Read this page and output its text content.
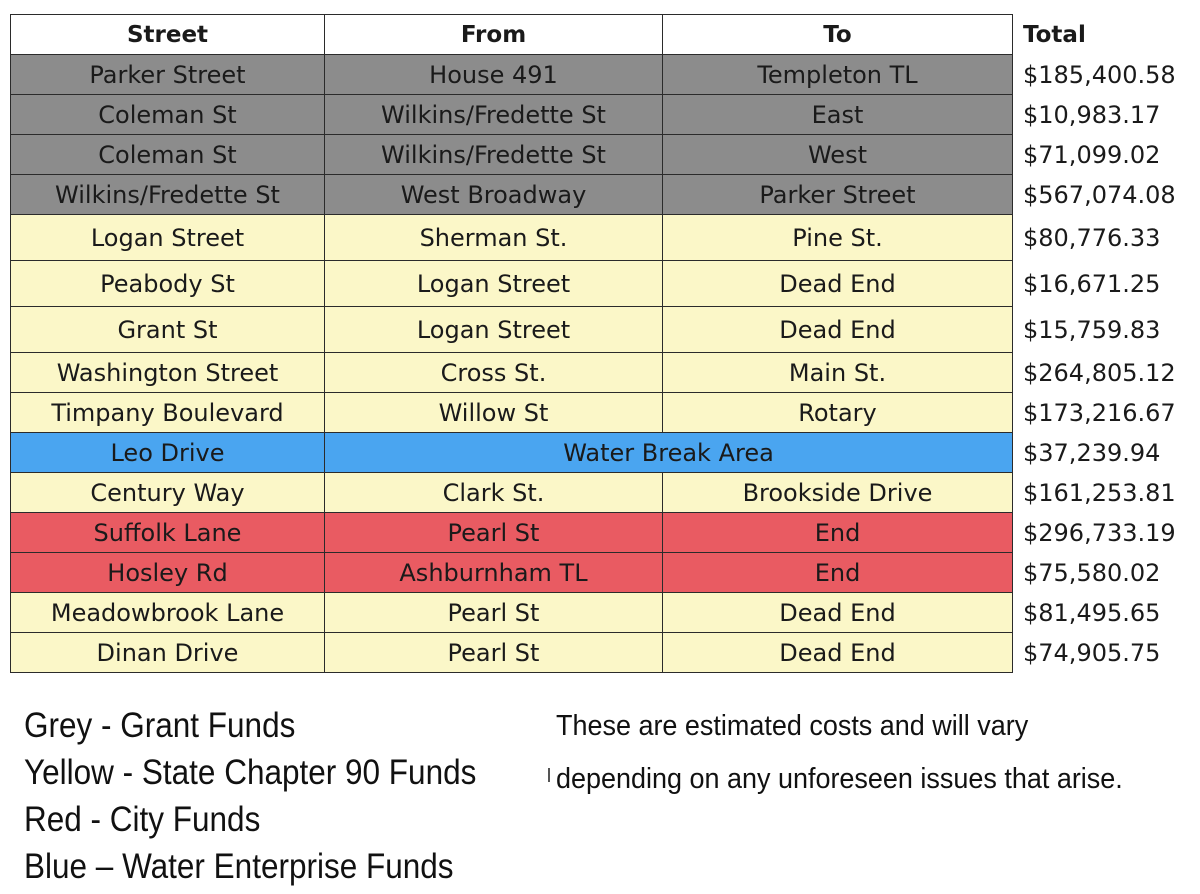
Street	From	To	Total
Parker Street	House 491	Templeton TL	$185,400.58
Coleman St	Wilkins/Fredette St	East	$10,983.17
Coleman St	Wilkins/Fredette St	West	$71,099.02
Wilkins/Fredette St	West Broadway	Parker Street	$567,074.08
Logan Street	Sherman St.	Pine St.	$80,776.33
Peabody St	Logan Street	Dead End	$16,671.25
Grant St	Logan Street	Dead End	$15,759.83
Washington Street	Cross St.	Main St.	$264,805.12
Timpany Boulevard	Willow St	Rotary	$173,216.67
Leo Drive	Water Break Area		$37,239.94
Century Way	Clark St.	Brookside Drive	$161,253.81
Suffolk Lane	Pearl St	End	$296,733.19
Hosley Rd	Ashburnham TL	End	$75,580.02
Meadowbrook Lane	Pearl St	Dead End	$81,495.65
Dinan Drive	Pearl St	Dead End	$74,905.75
Grey - Grant Funds
Yellow - State Chapter 90 Funds
Red - City Funds
Blue – Water Enterprise Funds
These are estimated costs and will vary
depending on any unforeseen issues that arise.
